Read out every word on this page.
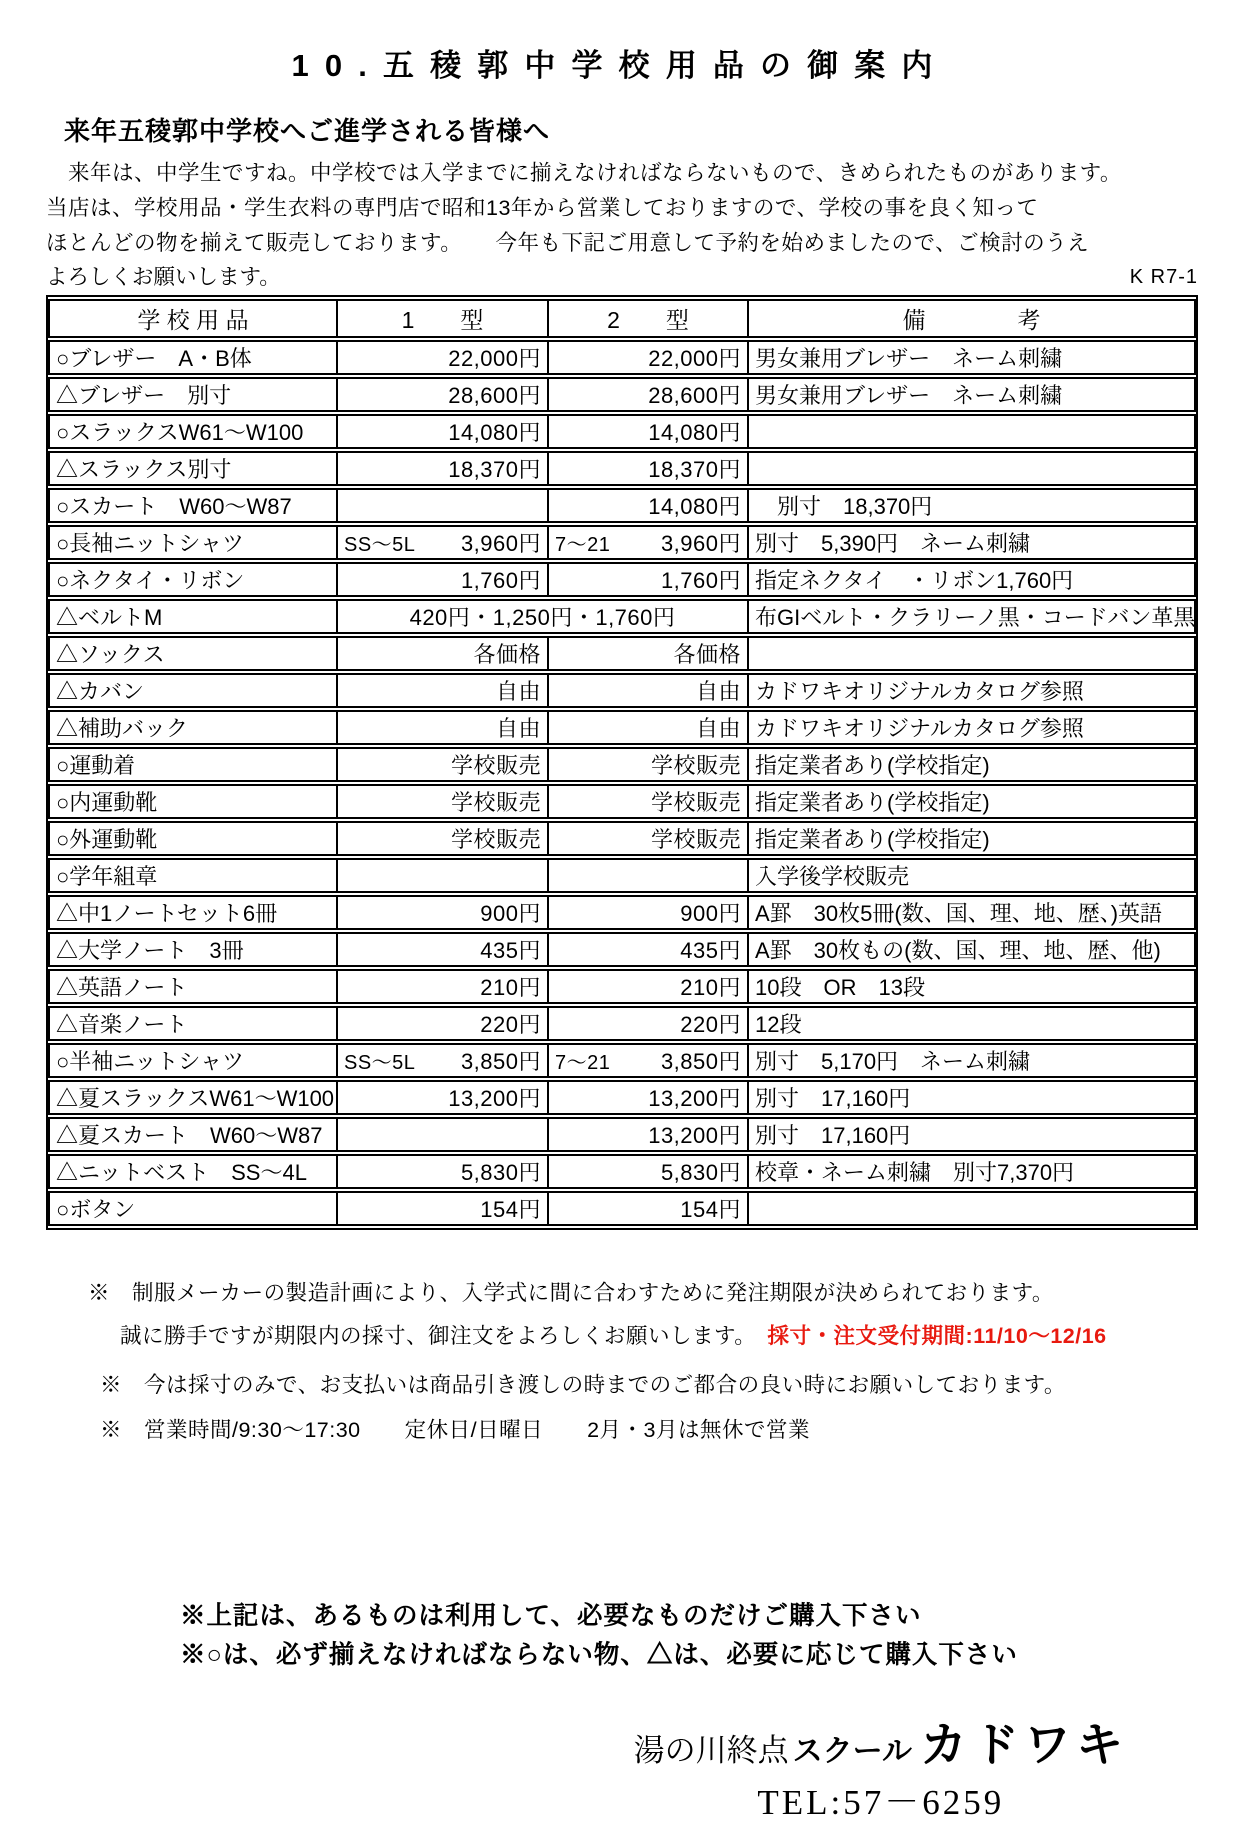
10.五稜郭中学校用品の御案内
来年五稜郭中学校へご進学される皆様へ
　来年は、中学生ですね。中学校では入学までに揃えなければならないもので、きめられたものがあります。
当店は、学校用品・学生衣料の専門店で昭和13年から営業しておりますので、学校の事を良く知って
ほとんどの物を揃えて販売しております。　　今年も下記ご用意して予約を始めましたので、ご検討のうえ
よろしくお願いします。	K R7-1
学 校 用 品	1　　型	2　　型	備　　　　考
○ブレザー　A・B体	22,000円	22,000円	男女兼用ブレザー　ネーム刺繍
△ブレザー　別寸	28,600円	28,600円	男女兼用ブレザー　ネーム刺繍
○スラックスW61～W100	14,080円	14,080円	
△スラックス別寸	18,370円	18,370円	
○スカート　W60～W87		14,080円	　別寸　18,370円
○長袖ニットシャツ	SS～5L 3,960円	7～21 3,960円	別寸　5,390円　ネーム刺繍
○ネクタイ・リボン	1,760円	1,760円	指定ネクタイ　・リボン1,760円
△ベルトM	420円・1,250円・1,760円		布GIベルト・クラリーノ黒・コードバン革黒
△ソックス	各価格	各価格	
△カバン	自由	自由	カドワキオリジナルカタログ参照
△補助バック	自由	自由	カドワキオリジナルカタログ参照
○運動着	学校販売	学校販売	指定業者あり(学校指定)
○内運動靴	学校販売	学校販売	指定業者あり(学校指定)
○外運動靴	学校販売	学校販売	指定業者あり(学校指定)
○学年組章			入学後学校販売
△中1ノートセット6冊	900円	900円	A罫　30枚5冊(数、国、理、地、歴、)英語
△大学ノート　3冊	435円	435円	A罫　30枚もの(数、国、理、地、歴、他)
△英語ノート	210円	210円	10段　OR　13段
△音楽ノート	220円	220円	12段
○半袖ニットシャツ	SS～5L 3,850円	7～21 3,850円	別寸　5,170円　ネーム刺繍
△夏スラックスW61～W100	13,200円	13,200円	別寸　17,160円
△夏スカート　W60～W87		13,200円	別寸　17,160円
△ニットベスト　SS～4L	5,830円	5,830円	校章・ネーム刺繍　別寸7,370円
○ボタン	154円	154円	
※　制服メーカーの製造計画により、入学式に間に合わすために発注期限が決められております。
誠に勝手ですが期限内の採寸、御注文をよろしくお願いします。　採寸・注文受付期間:11/10～12/16
※　今は採寸のみで、お支払いは商品引き渡しの時までのご都合の良い時にお願いしております。
※　営業時間/9:30～17:30　　定休日/日曜日　　2月・3月は無休で営業
※上記は、あるものは利用して、必要なものだけご購入下さい
※○は、必ず揃えなければならない物、△は、必要に応じて購入下さい
湯の川終点 スクール カドワキ
TEL:57－6259
